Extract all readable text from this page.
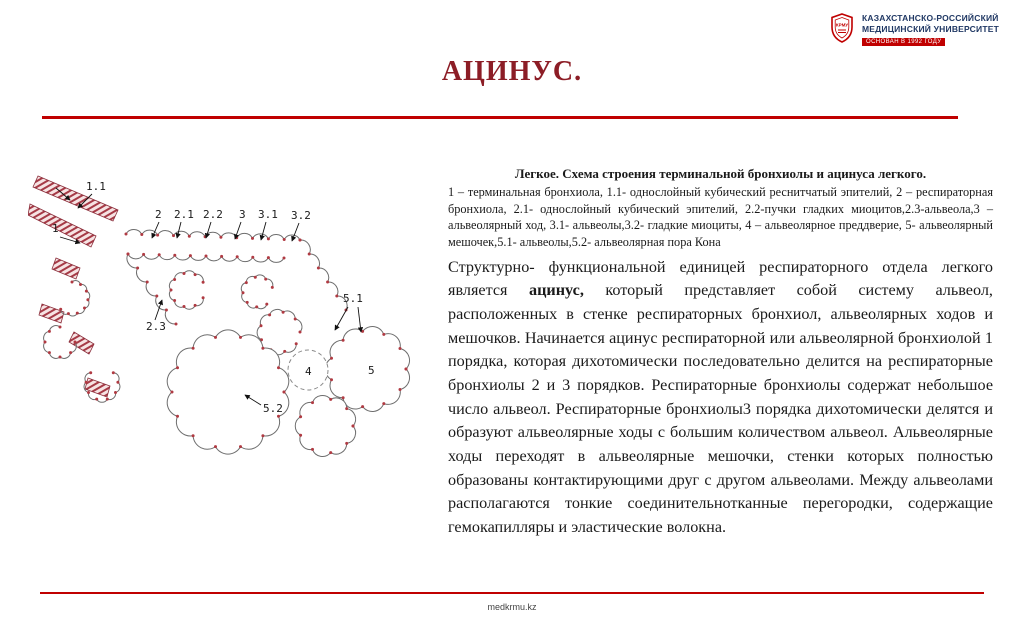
КРМУ
КАЗАХСТАНСКО-РОССИЙСКИЙ
МЕДИЦИНСКИЙ УНИВЕРСИТЕТ
ОСНОВАН В 1992 ГОДУ
АЦИНУС.
1
1.1
2 2.1 2.2 3 3.1 3.2
2.3
5.1
4	5
5.2

Легкое. Схема строения терминальной бронхиолы и ацинуса легкого.

1 – терминальная бронхиола, 1.1- однослойный кубический реснитчатый эпителий, 2 – респираторная бронхиола, 2.1- однослойный кубический эпителий, 2.2-пучки гладких миоцитов,2.3-альвеола,3 – альвеолярный ход, 3.1- альвеолы,3.2- гладкие миоциты, 4 – альвеолярное преддверие, 5- альвеолярный мешочек,5.1- альвеолы,5.2- альвеолярная пора Кона

Структурно- функциональной единицей респираторного отдела легкого является ацинус, который представляет собой систему альвеол, расположенных в стенке респираторных бронхиол, альвеолярных ходов и мешочков. Начинается ацинус респираторной или альвеолярной бронхиолой 1 порядка, которая дихотомически последовательно делится на респираторные бронхиолы 2 и 3 порядков. Респираторные бронхиолы содержат небольшое число альвеол. Респираторные бронхиолы3 порядка дихотомически делятся и образуют альвеолярные ходы с большим количеством альвеол. Альвеолярные ходы переходят в альвеолярные мешочки, стенки которых полностью образованы контактирующими друг с другом альвеолами. Между альвеолами располагаются тонкие соединительнотканные перегородки, содержащие гемокапилляры и эластические волокна.

medkrmu.kz
